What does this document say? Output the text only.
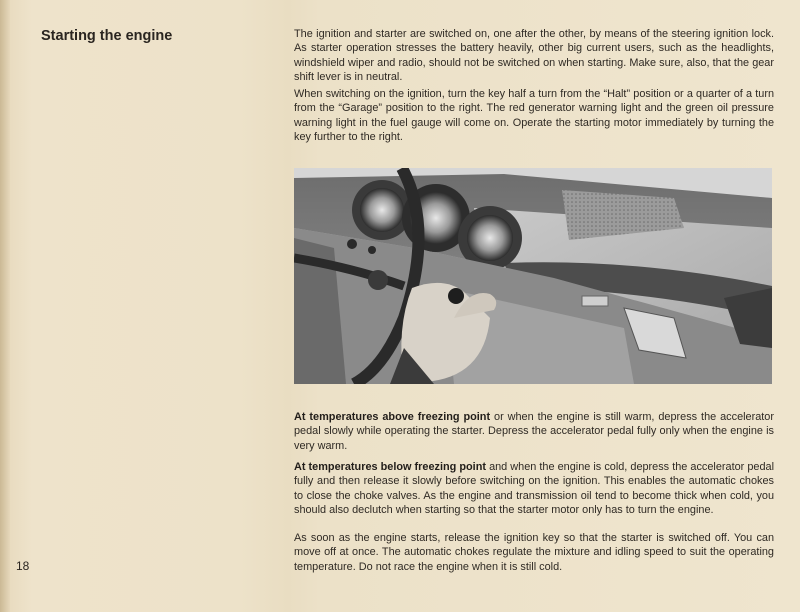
Starting the engine	The ignition and starter are switched on, one after the other, by means of the steering ignition lock. As starter operation stresses the battery heavily, other big current users, such as the headlights, windshield wiper and radio, should not be switched on when starting. Make sure, also, that the gear shift lever is in neutral.

When switching on the ignition, turn the key half a turn from the “Halt” position or a quarter of a turn from the “Garage” position to the right. The red generator warning light and the green oil pressure warning light in the fuel gauge will come on. Operate the starting motor immediately by turning the key further to the right.

At temperatures above freezing point or when the engine is still warm, depress the accelerator pedal slowly while operating the starter. Depress the accelerator pedal fully only when the engine is very warm.

At temperatures below freezing point and when the engine is cold, depress the accelerator pedal fully and then release it slowly before switching on the ignition. This enables the automatic chokes to close the choke valves. As the engine and transmission oil tend to become thick when cold, you should also declutch when starting so that the starter motor only has to turn the engine.

As soon as the engine starts, release the ignition key so that the starter is switched off. You can move off at once. The automatic chokes regulate the mixture and idling speed to suit the operating temperature. Do not race the engine when it is still cold.

18
